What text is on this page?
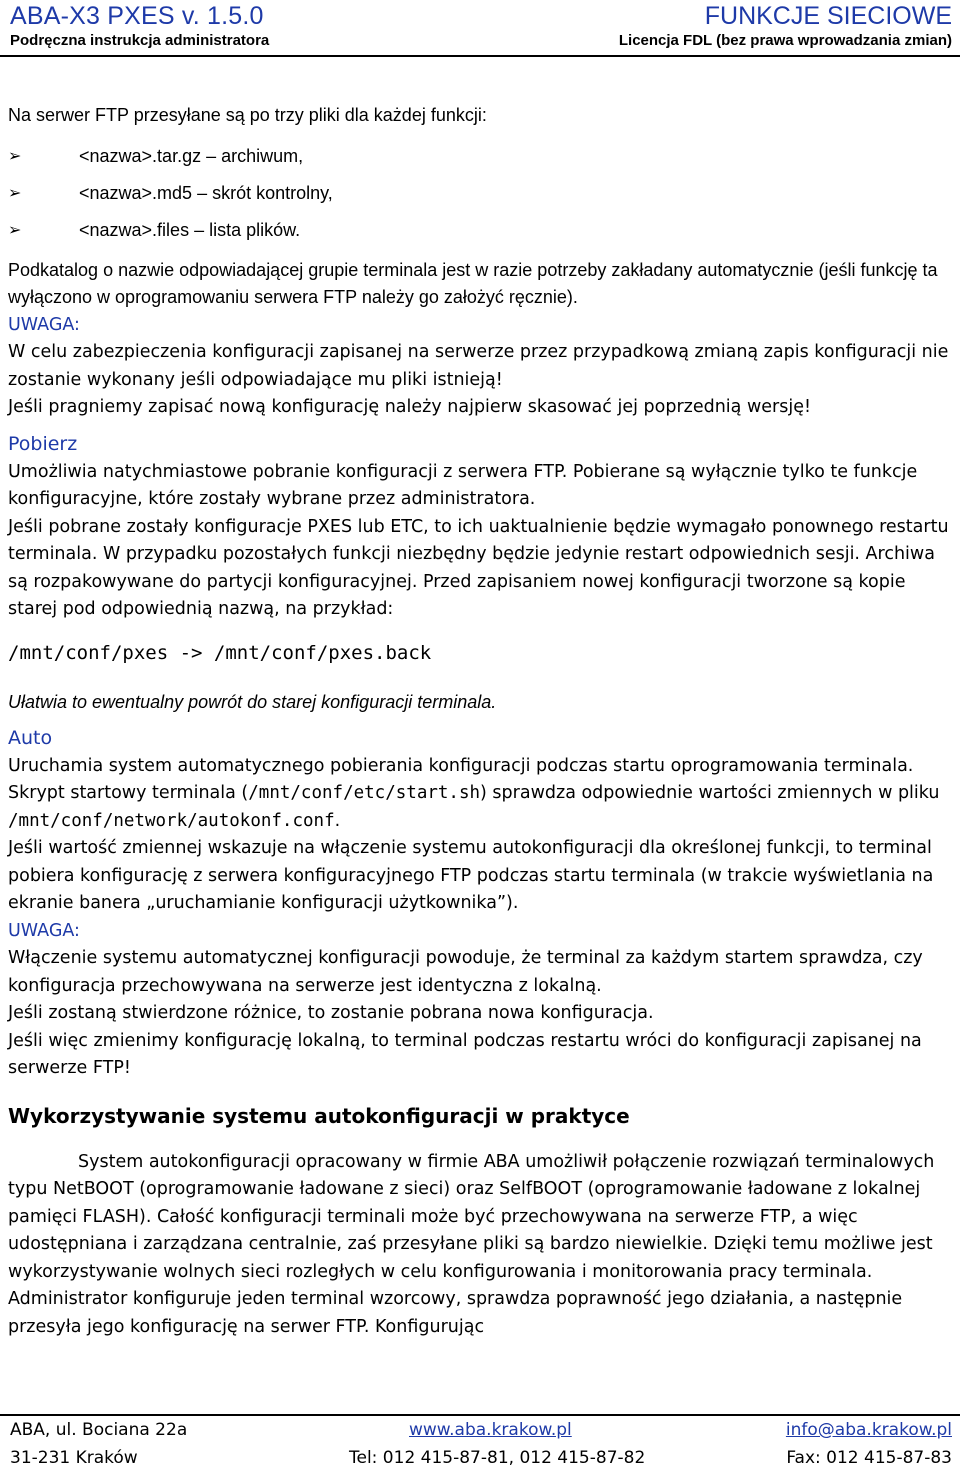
ABA-X3 PXES v. 1.5.0	FUNKCJE SIECIOWE
Podręczna instrukcja administratora	Licencja FDL (bez prawa wprowadzania zmian)

Na serwer FTP przesyłane są po trzy pliki dla każdej funkcji:

➢	<nazwa>.tar.gz – archiwum,
➢	<nazwa>.md5 – skrót kontrolny,
➢	<nazwa>.files – lista plików.

Podkatalog o nazwie odpowiadającej grupie terminala jest w razie potrzeby zakładany automatycznie (jeśli funkcję ta wyłączono w oprogramowaniu serwera FTP należy go założyć ręcznie).

UWAGA:

W celu zabezpieczenia konfiguracji zapisanej na serwerze przez przypadkową zmianą zapis konfiguracji nie zostanie wykonany jeśli odpowiadające mu pliki istnieją!

Jeśli pragniemy zapisać nową konfigurację należy najpierw skasować jej poprzednią wersję!

Pobierz

Umożliwia natychmiastowe pobranie konfiguracji z serwera FTP. Pobierane są wyłącznie tylko te funkcje konfiguracyjne, które zostały wybrane przez administratora.

Jeśli pobrane zostały konfiguracje PXES lub ETC, to ich uaktualnienie będzie wymagało ponownego restartu terminala. W przypadku pozostałych funkcji niezbędny będzie jedynie restart odpowiednich sesji. Archiwa są rozpakowywane do partycji konfiguracyjnej. Przed zapisaniem nowej konfiguracji tworzone są kopie starej pod odpowiednią nazwą, na przykład:

/mnt/conf/pxes -> /mnt/conf/pxes.back

Ułatwia to ewentualny powrót do starej konfiguracji terminala.

Auto

Uruchamia system automatycznego pobierania konfiguracji podczas startu oprogramowania terminala. Skrypt startowy terminala (/mnt/conf/etc/start.sh) sprawdza odpowiednie wartości zmiennych w pliku /mnt/conf/network/autokonf.conf.

Jeśli wartość zmiennej wskazuje na włączenie systemu autokonfiguracji dla określonej funkcji, to terminal pobiera konfigurację z serwera konfiguracyjnego FTP podczas startu terminala (w trakcie wyświetlania na ekranie banera „uruchamianie konfiguracji użytkownika”).

UWAGA:

Włączenie systemu automatycznej konfiguracji powoduje, że terminal za każdym startem sprawdza, czy konfiguracja przechowywana na serwerze jest identyczna z lokalną.

Jeśli zostaną stwierdzone różnice, to zostanie pobrana nowa konfiguracja.

Jeśli więc zmienimy konfigurację lokalną, to terminal podczas restartu wróci do konfiguracji zapisanej na serwerze FTP!

Wykorzystywanie systemu autokonfiguracji w praktyce

System autokonfiguracji opracowany w firmie ABA umożliwił połączenie rozwiązań terminalowych typu NetBOOT (oprogramowanie ładowane z sieci) oraz SelfBOOT (oprogramowanie ładowane z lokalnej pamięci FLASH). Całość konfiguracji terminali może być przechowywana na serwerze FTP, a więc udostępniana i zarządzana centralnie, zaś przesyłane pliki są bardzo niewielkie. Dzięki temu możliwe jest wykorzystywanie wolnych sieci rozległych w celu konfigurowania i monitorowania pracy terminala. Administrator konfiguruje jeden terminal wzorcowy, sprawdza poprawność jego działania, a następnie przesyła jego konfigurację na serwer FTP. Konfigurując

ABA, ul. Bociana 22a	www.aba.krakow.pl	info@aba.krakow.pl
31-231 Kraków	Tel: 012 415-87-81, 012 415-87-82	Fax: 012 415-87-83
